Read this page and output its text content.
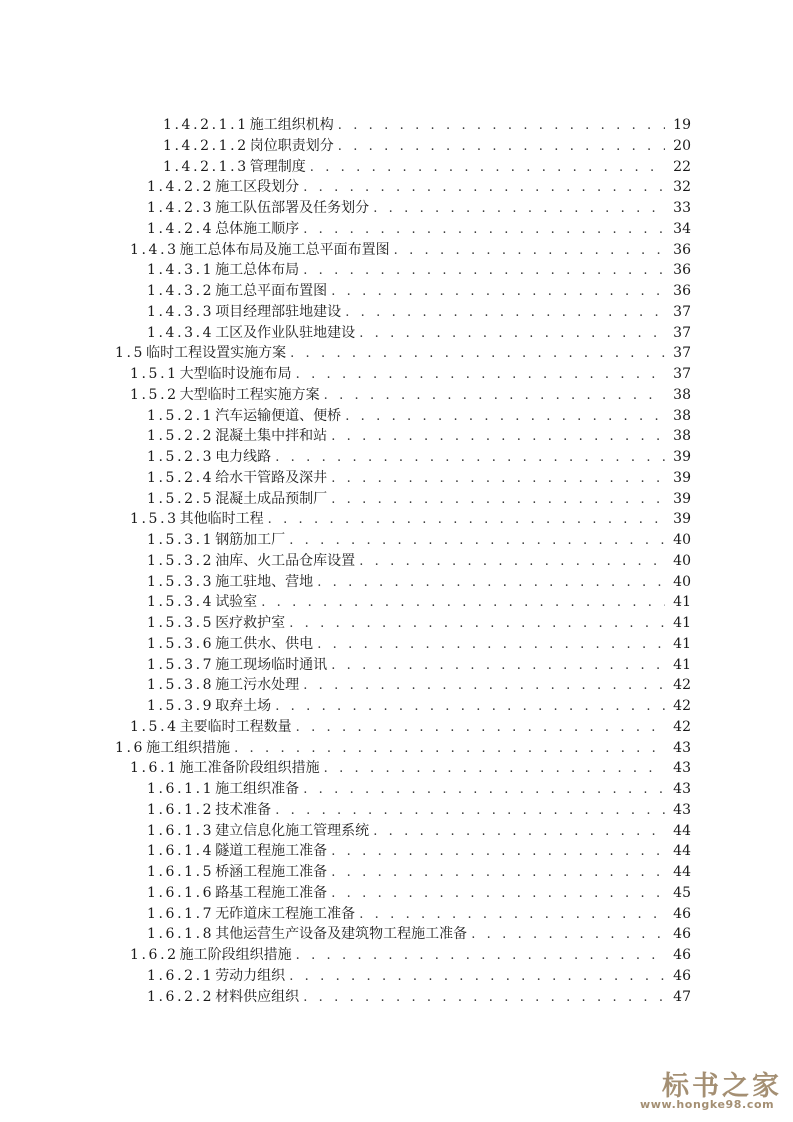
1.4.2.1.1 施工组织机构 . . .	19
1.4.2.1.2 岗位职责划分 . . .	20
1.4.2.1.3 管理制度 . . .	22
1.4.2.2 施工区段划分 . . .	32
1.4.2.3 施工队伍部署及任务划分 . . .	33
1.4.2.4 总体施工顺序 . . .	34
1.4.3 施工总体布局及施工总平面布置图 . . .	36
1.4.3.1 施工总体布局 . . .	36
1.4.3.2 施工总平面布置图 . . .	36
1.4.3.3 项目经理部驻地建设 . . .	37
1.4.3.4 工区及作业队驻地建设 . . .	37
1.5 临时工程设置实施方案 . . .	37
1.5.1 大型临时设施布局 . . .	37
1.5.2 大型临时工程实施方案 . . .	38
1.5.2.1 汽车运输便道、便桥 . . .	38
1.5.2.2 混凝土集中拌和站 . . .	38
1.5.2.3 电力线路 . . .	39
1.5.2.4 给水干管路及深井 . . .	39
1.5.2.5 混凝土成品预制厂 . . .	39
1.5.3 其他临时工程 . . .	39
1.5.3.1 钢筋加工厂 . . .	40
1.5.3.2 油库、火工品仓库设置 . . .	40
1.5.3.3 施工驻地、营地 . . .	40
1.5.3.4 试验室 . . .	41
1.5.3.5 医疗救护室 . . .	41
1.5.3.6 施工供水、供电 . . .	41
1.5.3.7 施工现场临时通讯 . . .	41
1.5.3.8 施工污水处理 . . .	42
1.5.3.9 取弃土场 . . .	42
1.5.4 主要临时工程数量 . . .	42
1.6 施工组织措施 . . .	43
1.6.1 施工准备阶段组织措施 . . .	43
1.6.1.1 施工组织准备 . . .	43
1.6.1.2 技术准备 . . .	43
1.6.1.3 建立信息化施工管理系统 . . .	44
1.6.1.4 隧道工程施工准备 . . .	44
1.6.1.5 桥涵工程施工准备 . . .	44
1.6.1.6 路基工程施工准备 . . .	45
1.6.1.7 无砟道床工程施工准备 . . .	46
1.6.1.8 其他运营生产设备及建筑物工程施工准备 . . .	46
1.6.2 施工阶段组织措施 . . .	46
1.6.2.1 劳动力组织 . . .	46
1.6.2.2 材料供应组织 . . .	47
标书之家
www.hongke98.com
